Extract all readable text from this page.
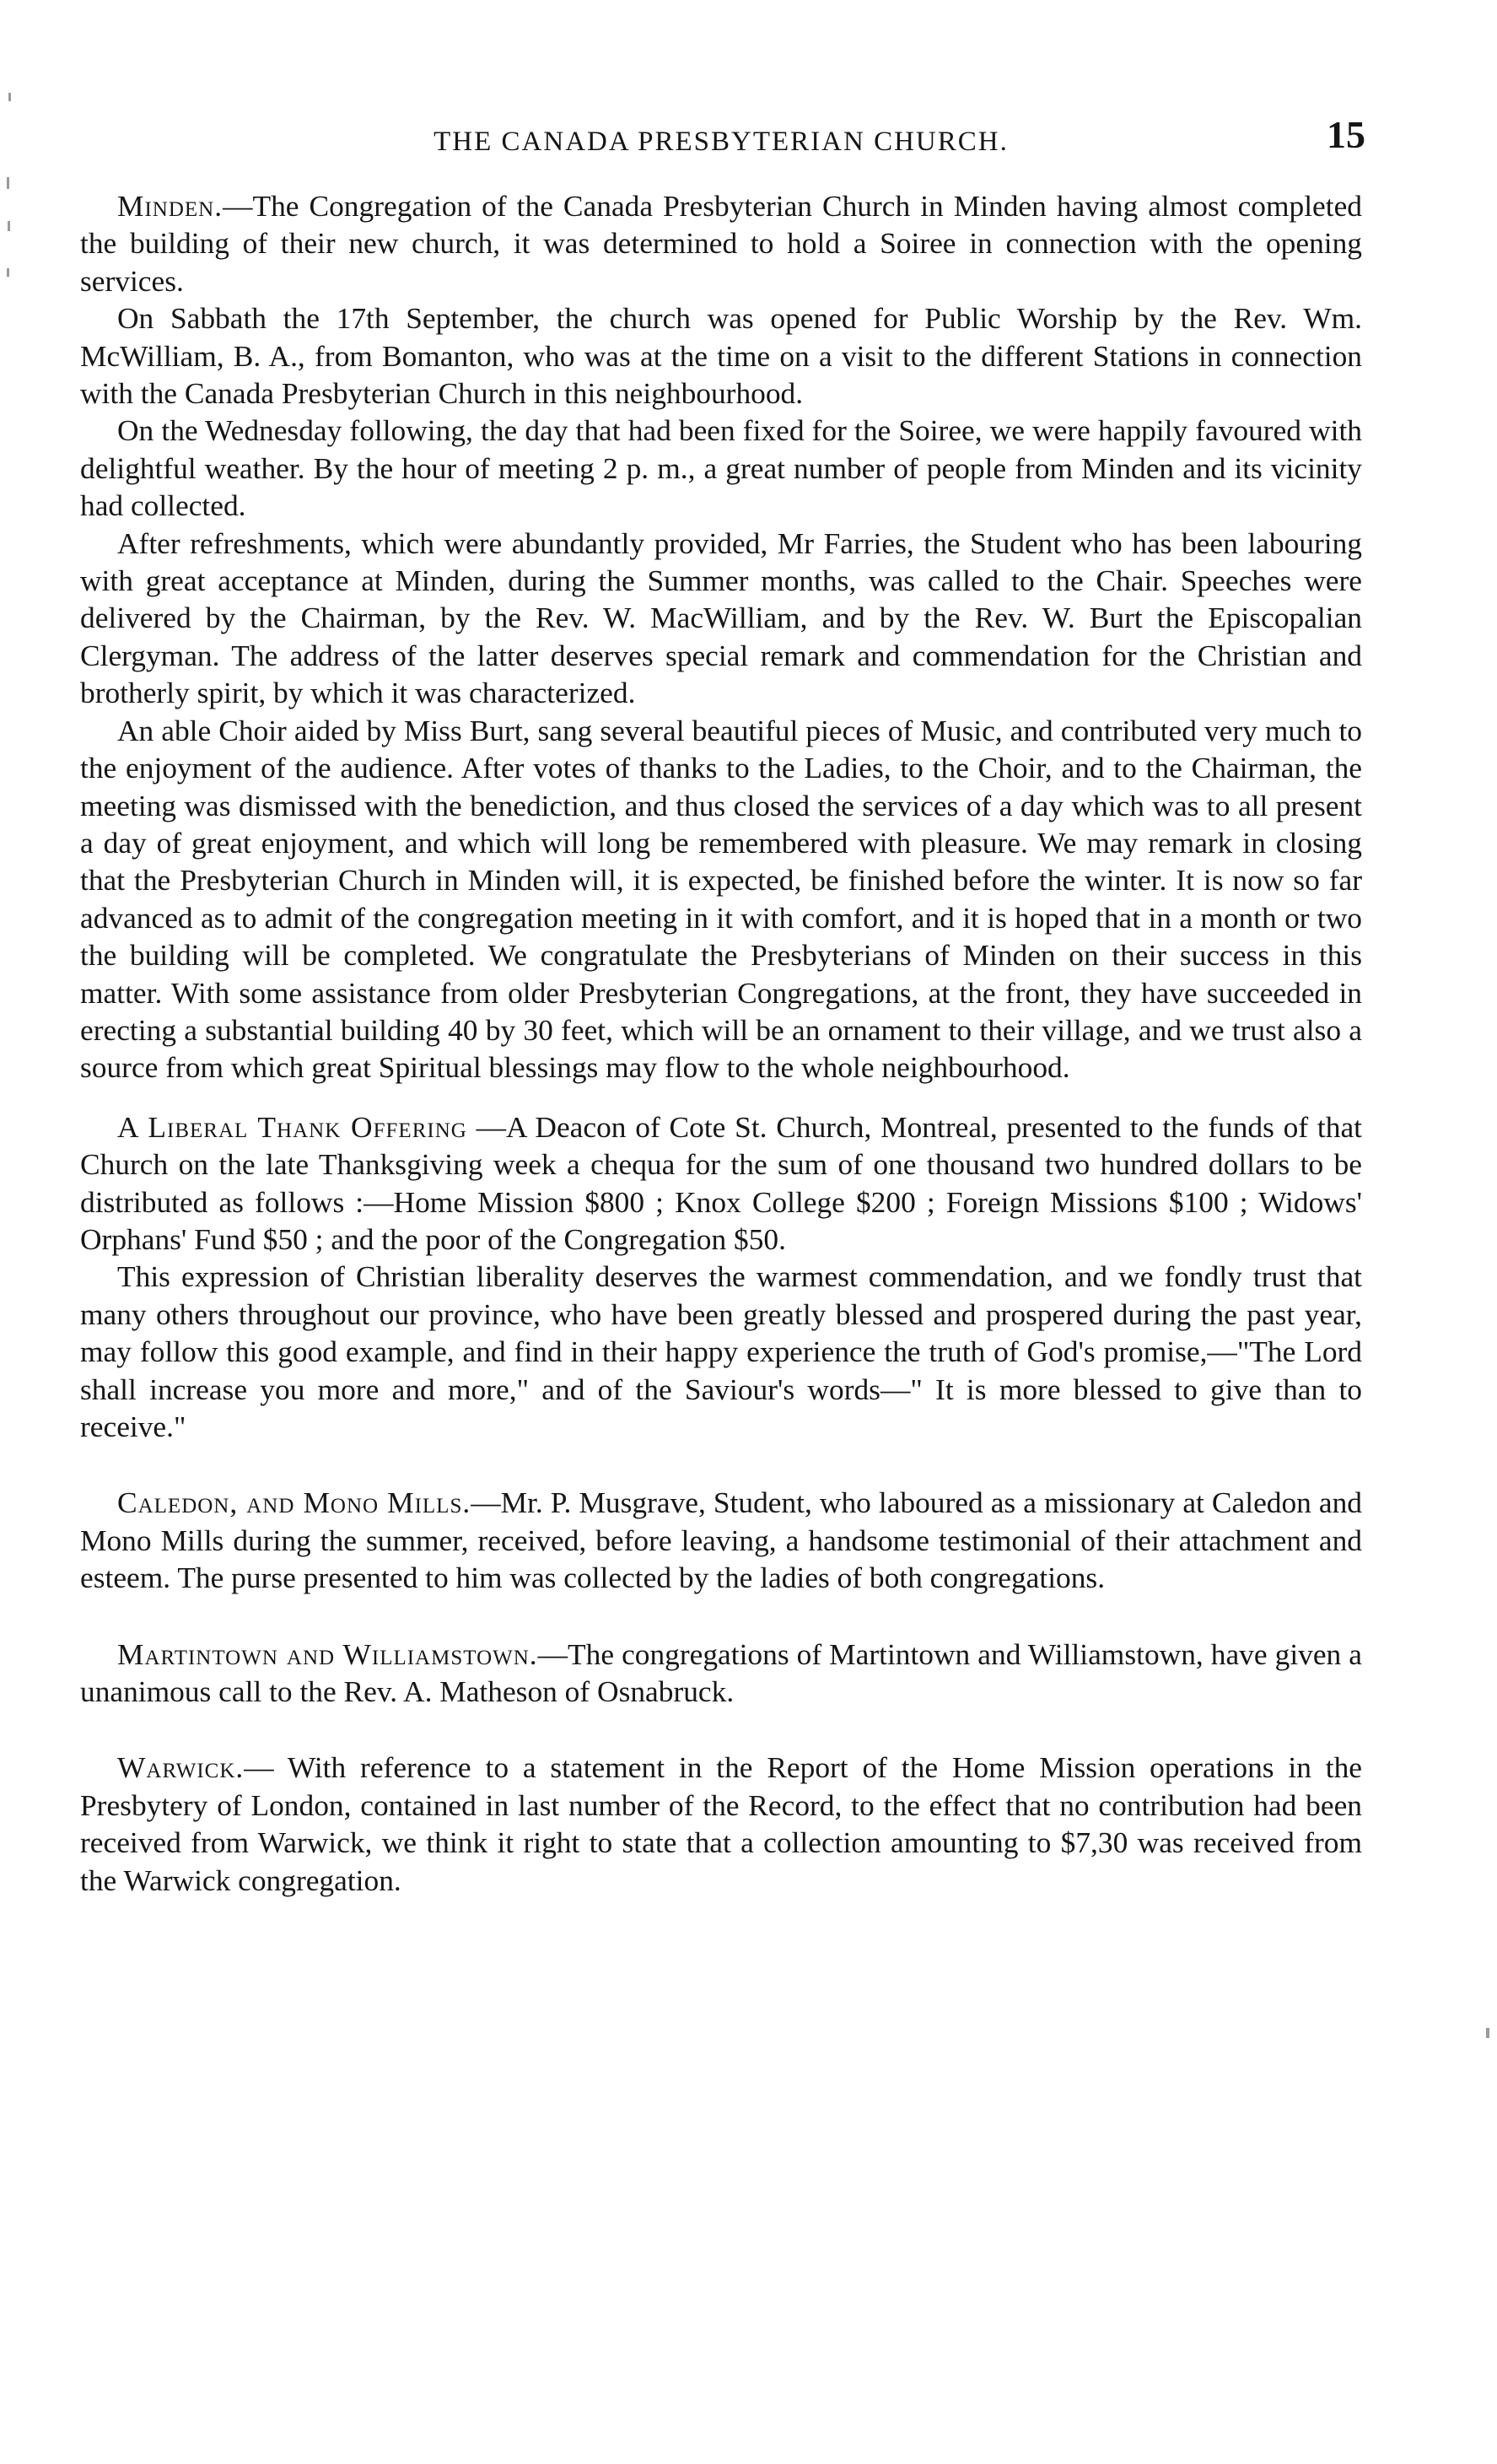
THE CANADA PRESBYTERIAN CHURCH.	15

Minden.—The Congregation of the Canada Presbyterian Church in Minden having almost completed the building of their new church, it was determined to hold a Soiree in connection with the opening services.

On Sabbath the 17th September, the church was opened for Public Worship by the Rev. Wm. McWilliam, B. A., from Bomanton, who was at the time on a visit to the different Stations in connection with the Canada Presbyterian Church in this neighbourhood.

On the Wednesday following, the day that had been fixed for the Soiree, we were happily favoured with delightful weather. By the hour of meeting 2 p. m., a great number of people from Minden and its vicinity had collected.

After refreshments, which were abundantly provided, Mr Farries, the Student who has been labouring with great acceptance at Minden, during the Summer months, was called to the Chair. Speeches were delivered by the Chairman, by the Rev. W. MacWilliam, and by the Rev. W. Burt the Episcopalian Clergyman. The address of the latter deserves special remark and commendation for the Christian and brotherly spirit, by which it was characterized.

An able Choir aided by Miss Burt, sang several beautiful pieces of Music, and contributed very much to the enjoyment of the audience. After votes of thanks to the Ladies, to the Choir, and to the Chairman, the meeting was dismissed with the benediction, and thus closed the services of a day which was to all present a day of great enjoyment, and which will long be remembered with pleasure. We may remark in closing that the Presbyterian Church in Minden will, it is expected, be finished before the winter. It is now so far advanced as to admit of the congregation meeting in it with comfort, and it is hoped that in a month or two the building will be completed. We congratulate the Presbyterians of Minden on their success in this matter. With some assistance from older Presbyterian Congregations, at the front, they have succeeded in erecting a substantial building 40 by 30 feet, which will be an ornament to their village, and we trust also a source from which great Spiritual blessings may flow to the whole neighbourhood.

A Liberal Thank Offering —A Deacon of Cote St. Church, Montreal, presented to the funds of that Church on the late Thanksgiving week a chequa for the sum of one thousand two hundred dollars to be distributed as follows :—Home Mission $800 ; Knox College $200 ; Foreign Missions $100 ; Widows' Orphans' Fund $50 ; and the poor of the Congregation $50.

This expression of Christian liberality deserves the warmest commendation, and we fondly trust that many others throughout our province, who have been greatly blessed and prospered during the past year, may follow this good example, and find in their happy experience the truth of God's promise,—"The Lord shall increase you more and more," and of the Saviour's words—" It is more blessed to give than to receive."

Caledon, and Mono Mills.—Mr. P. Musgrave, Student, who laboured as a missionary at Caledon and Mono Mills during the summer, received, before leaving, a handsome testimonial of their attachment and esteem. The purse presented to him was collected by the ladies of both congregations.

Martintown and Williamstown.—The congregations of Martintown and Williamstown, have given a unanimous call to the Rev. A. Matheson of Osnabruck.

Warwick.— With reference to a statement in the Report of the Home Mission operations in the Presbytery of London, contained in last number of the Record, to the effect that no contribution had been received from Warwick, we think it right to state that a collection amounting to $7,30 was received from the Warwick congregation.
